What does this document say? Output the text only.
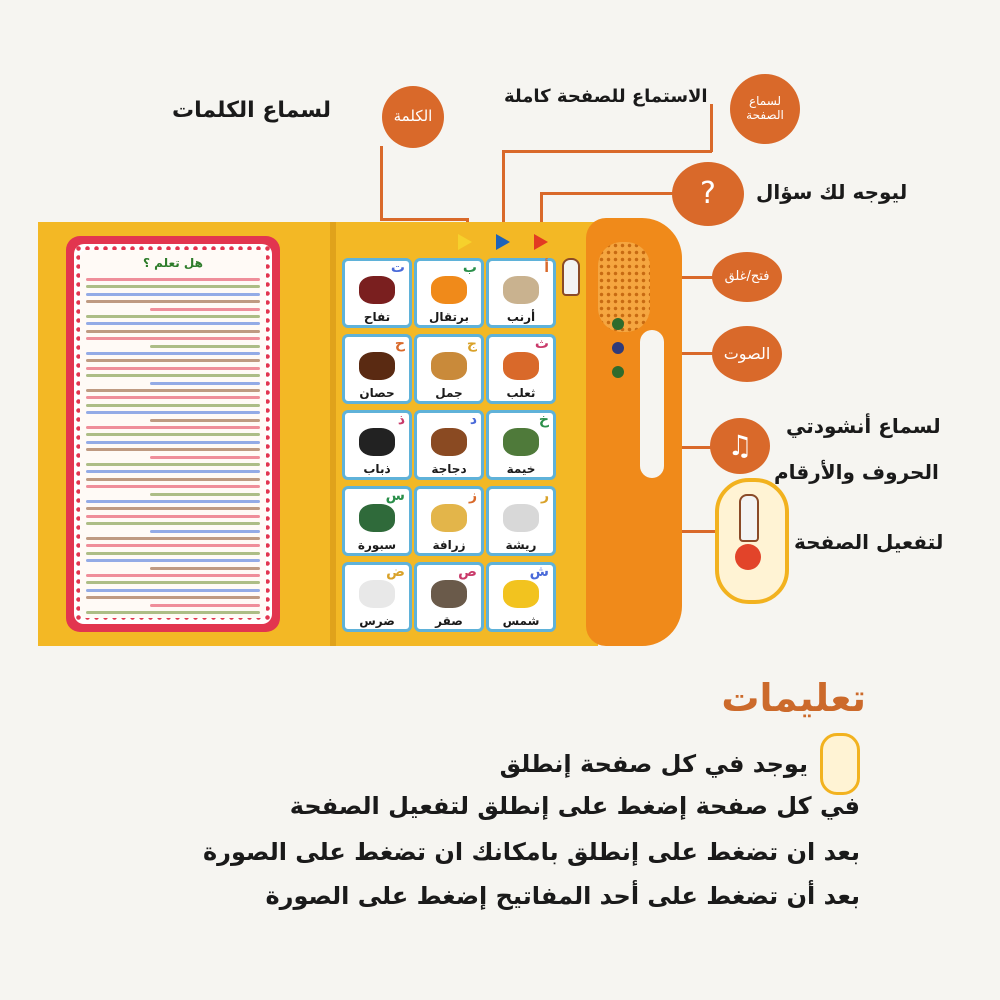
الكلمة
لسماع الكلمات	لسماع الصفحة
الاستماع للصفحة كاملة
? ليوجه لك سؤال
فتح/غلق
الصوت
♫
لسماع أنشودتي
الحروف والأرقام
لتفعيل الصفحة
هل تعلم ؟	أ
أرنب
ب
برتقال
ت
تفاح
ث
ثعلب
ج
جمل
ح
حصان
خ
خيمة
د
دجاجة
ذ
ذباب
ر
ريشة
ز
زرافة
س
سبورة
ش
شمس
ص
صقر
ض
ضرس
تعليمات
يوجد في كل صفحة إنطلق
في كل صفحة إضغط على إنطلق لتفعيل الصفحة
بعد ان تضغط على إنطلق بامكانك ان تضغط على الصورة
بعد أن تضغط على أحد المفاتيح إضغط على الصورة
